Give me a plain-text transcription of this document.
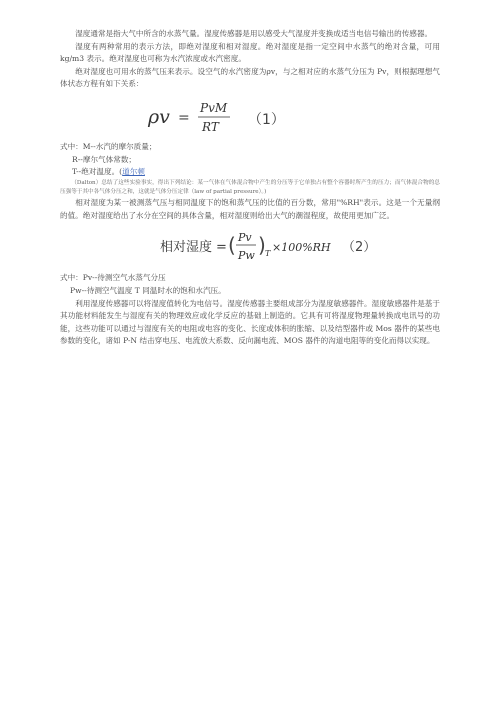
湿度通常是指大气中所含的水蒸气量。湿度传感器是用以感受大气湿度并变换成适当电信号输出的传感器。

湿度有两种常用的表示方法，即绝对湿度和相对湿度。绝对湿度是指一定空间中水蒸气的绝对含量，可用 kg/m3 表示。绝对湿度也可称为水汽浓度或水汽密度。

绝对湿度也可用水的蒸气压来表示。设空气的水汽密度为ρv，与之相对应的水蒸气分压为 Pv，则根据理想气体状态方程有如下关系：

ρv =
PvM
RT （1）

式中：M--水汽的摩尔质量；

R--摩尔气体常数；

T--绝对温度。(道尔顿

（Dalton）总结了这些实验事实，得出下列结论：某一气体在气体混合物中产生的分压等于它单独占有整个容器时所产生的压力；而气体混合物的总压强等于其中各气体分压之和，这就是气体分压定律（law of partial pressure）。)

相对湿度为某一被测蒸气压与相同温度下的饱和蒸气压的比值的百分数，常用"%RH"表示。这是一个无量纲的值。绝对湿度给出了水分在空间的具体含量，相对湿度则给出大气的潮湿程度，故使用更加广泛。

相对湿度 = ( Pv
Pw ) T ×100%RH （2）

式中：Pv--待测空气水蒸气分压

Pw--待测空气温度 T 同温时水的饱和水汽压。

利用湿度传感器可以将湿度值转化为电信号。湿度传感器主要组成部分为湿度敏感器件。湿度敏感器件是基于其功能材料能发生与湿度有关的物理效应或化学反应的基础上制造的。它具有可将湿度物理量转换成电讯号的功能，这些功能可以通过与湿度有关的电阻或电容的变化、长度或体积的胀缩、以及结型器件或 Mos 器件的某些电参数的变化，诸如 P-N 结击穿电压、电流放大系数、反向漏电流、MOS 器件的沟道电阻等的变化而得以实现。
